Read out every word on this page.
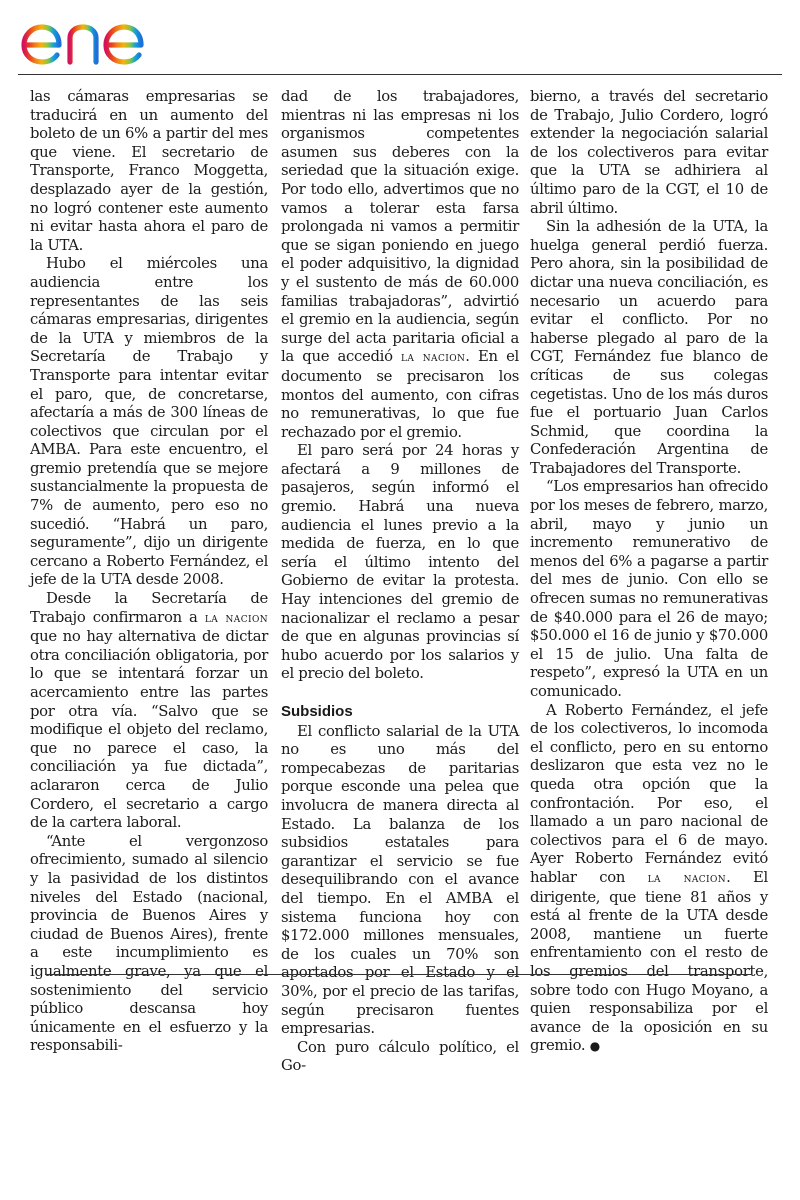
las cámaras empresarias se traducirá en un aumento del boleto de un 6% a partir del mes que viene. El secretario de Transporte, Franco Moggetta, desplazado ayer de la gestión, no logró contener este aumento ni evitar hasta ahora el paro de la UTA.

Hubo el miércoles una audiencia entre los representantes de las seis cámaras empresarias, dirigentes de la UTA y miembros de la Secretaría de Trabajo y Transporte para intentar evitar el paro, que, de concretarse, afectaría a más de 300 líneas de colectivos que circulan por el AMBA. Para este encuentro, el gremio pretendía que se mejore sustancialmente la propuesta de 7% de aumento, pero eso no sucedió. “Habrá un paro, seguramente”, dijo un dirigente cercano a Roberto Fernández, el jefe de la UTA desde 2008.

Desde la Secretaría de Trabajo confirmaron a la nacion que no hay alternativa de dictar otra conciliación obligatoria, por lo que se intentará forzar un acercamiento entre las partes por otra vía. “Salvo que se modifique el objeto del reclamo, que no parece el caso, la conciliación ya fue dictada”, aclararon cerca de Julio Cordero, el secretario a cargo de la cartera laboral.

“Ante el vergonzoso ofrecimiento, sumado al silencio y la pasividad de los distintos niveles del Estado (nacional, provincia de Buenos Aires y ciudad de Buenos Aires), frente a este incumplimiento es igualmente grave, ya que el sostenimiento del servicio público descansa hoy únicamente en el esfuerzo y la responsabili-

dad de los trabajadores, mientras ni las empresas ni los organismos competentes asumen sus deberes con la seriedad que la situación exige. Por todo ello, advertimos que no vamos a tolerar esta farsa prolongada ni vamos a permitir que se sigan poniendo en juego el poder adquisitivo, la dignidad y el sustento de más de 60.000 familias trabajadoras”, advirtió el gremio en la audiencia, según surge del acta paritaria oficial a la que accedió la nacion. En el documento se precisaron los montos del aumento, con cifras no remunerativas, lo que fue rechazado por el gremio.

El paro será por 24 horas y afectará a 9 millones de pasajeros, según informó el gremio. Habrá una nueva audiencia el lunes previo a la medida de fuerza, en lo que sería el último intento del Gobierno de evitar la protesta. Hay intenciones del gremio de nacionalizar el reclamo a pesar de que en algunas provincias sí hubo acuerdo por los salarios y el precio del boleto.

Subsidios

El conflicto salarial de la UTA no es uno más del rompecabezas de paritarias porque esconde una pelea que involucra de manera directa al Estado. La balanza de los subsidios estatales para garantizar el servicio se fue desequilibrando con el avance del tiempo. En el AMBA el sistema funciona hoy con $172.000 millones mensuales, de los cuales un 70% son aportados por el Estado y el 30%, por el precio de las tarifas, según precisaron fuentes empresarias.

Con puro cálculo político, el Go-

bierno, a través del secretario de Trabajo, Julio Cordero, logró extender la negociación salarial de los colectiveros para evitar que la UTA se adhiriera al último paro de la CGT, el 10 de abril último.

Sin la adhesión de la UTA, la huelga general perdió fuerza. Pero ahora, sin la posibilidad de dictar una nueva conciliación, es necesario un acuerdo para evitar el conflicto. Por no haberse plegado al paro de la CGT, Fernández fue blanco de críticas de sus colegas cegetistas. Uno de los más duros fue el portuario Juan Carlos Schmid, que coordina la Confederación Argentina de Trabajadores del Transporte.

“Los empresarios han ofrecido por los meses de febrero, marzo, abril, mayo y junio un incremento remunerativo de menos del 6% a pagarse a partir del mes de junio. Con ello se ofrecen sumas no remunerativas de $40.000 para el 26 de mayo; $50.000 el 16 de junio y $70.000 el 15 de julio. Una falta de respeto”, expresó la UTA en un comunicado.

A Roberto Fernández, el jefe de los colectiveros, lo incomoda el conflicto, pero en su entorno deslizaron que esta vez no le queda otra opción que la confrontación. Por eso, el llamado a un paro nacional de colectivos para el 6 de mayo. Ayer Roberto Fernández evitó hablar con la nacion. El dirigente, que tiene 81 años y está al frente de la UTA desde 2008, mantiene un fuerte enfrentamiento con el resto de los gremios del transporte, sobre todo con Hugo Moyano, a quien responsabiliza por el avance de la oposición en su gremio. ●
